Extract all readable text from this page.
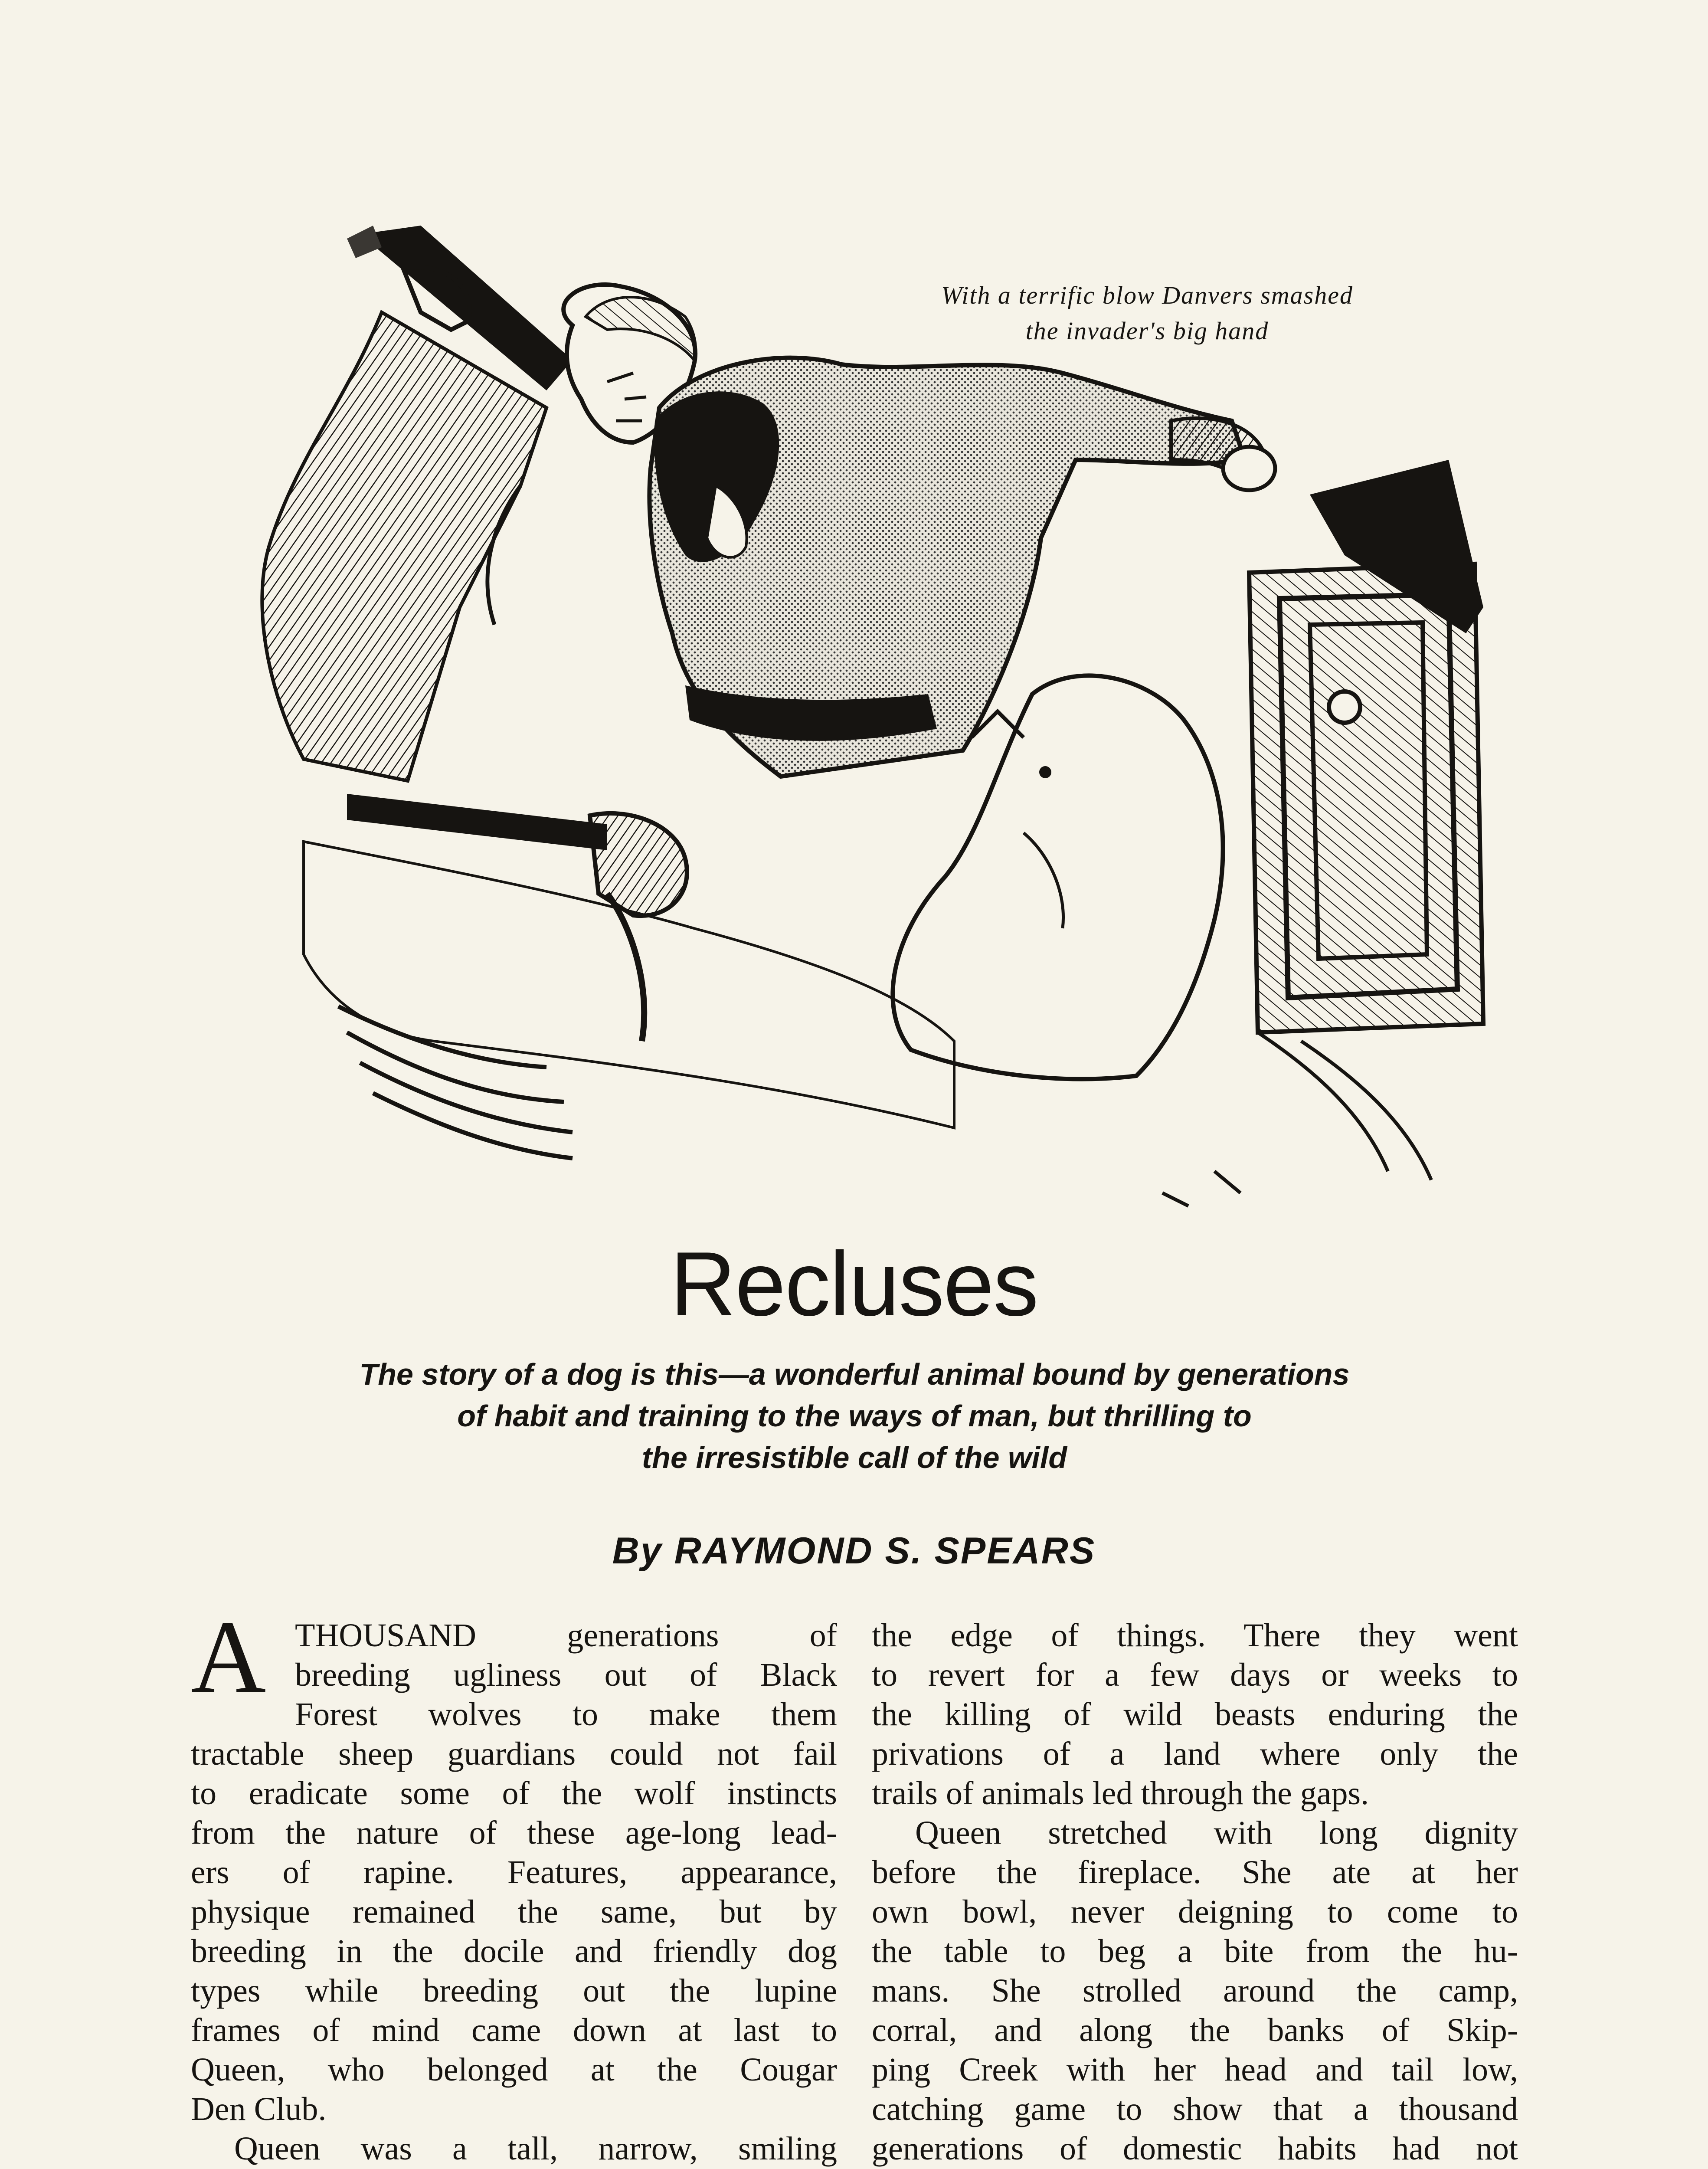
With a terrific blow Danvers smashed
the invader's big hand
Recluses
The story of a dog is this—a wonderful animal bound by generations
of habit and training to the ways of man, but thrilling to
the irresistible call of the wild
By RAYMOND S. SPEARS
A THOUSAND generations of
breeding ugliness out of Black
Forest wolves to make them
tractable sheep guardians could not fail
to eradicate some of the wolf instincts
from the nature of these age-long lead-
ers of rapine. Features, appearance,
physique remained the same, but by
breeding in the docile and friendly dog
types while breeding out the lupine
frames of mind came down at last to
Queen, who belonged at the Cougar
Den Club.
Queen was a tall, narrow, smiling
the edge of things. There they went
to revert for a few days or weeks to
the killing of wild beasts enduring the
privations of a land where only the
trails of animals led through the gaps.
Queen stretched with long dignity
before the fireplace. She ate at her
own bowl, never deigning to come to
the table to beg a bite from the hu-
mans. She strolled around the camp,
corral, and along the banks of Skip-
ping Creek with her head and tail low,
catching game to show that a thousand
generations of domestic habits had not
